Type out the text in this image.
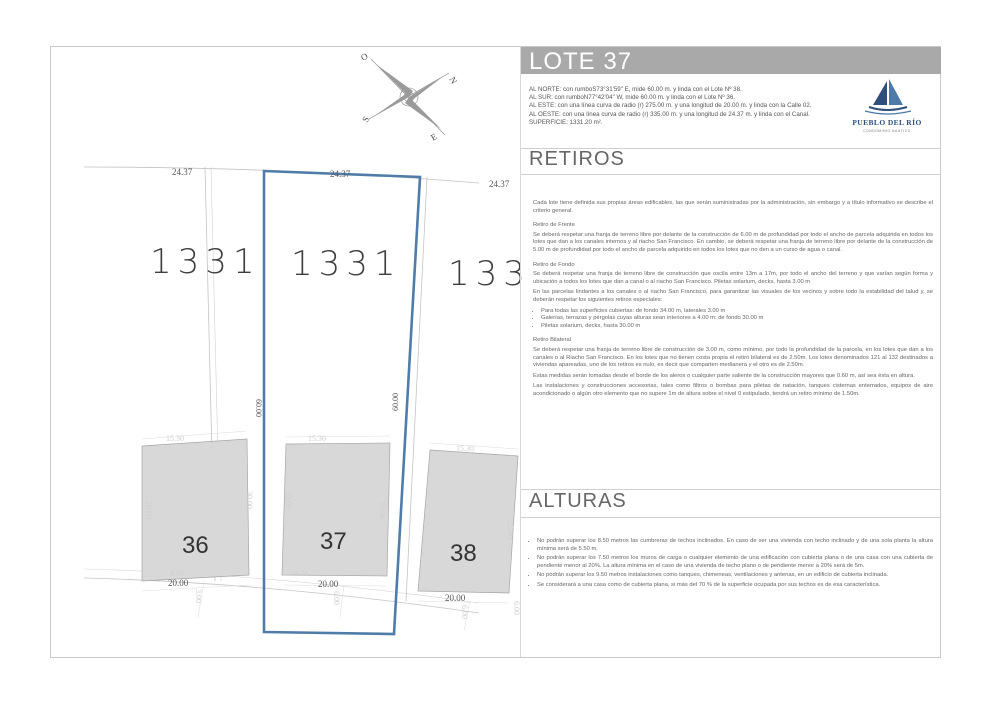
O
N
S
E
24.37	24.37
24.37
1331 1331 133
60.00	60.00
15.30	15.30
15.30
30.00	30.00
20.00	20.00
25.00
4.65	4.74
3.00	6.00
6.00	6.00
36	37	38
20.00	20.00
20.00
LOTE 37
AL NORTE: con rumboS73°31'59" E, mide 60.00 m. y linda con el Lote Nº 38.
AL SUR: con rumboN77°42'04" W, mide 60.00 m. y linda con el Lote Nº 36.
AL ESTE: con una línea curva de radio (r) 275.00 m. y una longitud de 20.00 m. y linda con la Calle 02.
AL OESTE: con una línea curva de radio (r) 335.00 m. y una longitud de 24.37 m. y linda con el Canal.
SUPERFICIE: 1331.20 m².	PUEBLO DEL RÍO
CONDOMINIO NAUTICO
RETIROS

Cada lote tiene definida sus propias áreas edificables, las que serán suministradas por la administración, sin embargo y a título informativo se describe el criterio general.

Retiro de Frente

Se deberá respetar una franja de terreno libre por delante de la construcción de 6.00 m de profundidad por todo el ancho de parcela adquirida en todos los lotes que dan a los canales internos y al riacho San Francisco. En cambio, se deberá respetar una franja de terreno libre por delante de la construcción de 5.00 m de profundidad por todo el ancho de parcela adquirido en todos los lotes que no den a un curso de agua o canal.

Retiro de Fondo

Se deberá respetar una franja de terreno libre de construcción que oscila entre 13m a 17m, por todo el ancho del terreno y que varían según forma y ubicación a todos los lotes que dan a canal o al riacho San Francisco. Piletas solarium, decks, hasta 3.00 m

En las parcelas lindantes a los canales o al riacho San Francisco, para garantizar las visuales de los vecinos y sobre todo la estabilidad del talud y, se deberán respetar los siguientes retiros especiales:

• Para todas las superficies cubiertas: de fondo 34.00 m, laterales 3.00 m
• Galerías, terrazas y pérgolas cuyas alturas sean interiores a 4.00 m: de fondo 30.00 m
• Piletas solarium, decks, hasta 30.00 m

Retiro Bilateral

Se deberá respetar una franja de terreno libre de construcción de 3.00 m, como mínimo, por todo la profundidad de la parcela, en los lotes que dan a los canales o al Riacho San Francisco. En los lotes que no tienen costa propia el retiro bilateral es de 2.50m. Los lotes denominados 121 al 132 destinados a viviendas apareadas, uno de los retiros es nulo, es decir que comparten medianera y el otro es de 2.50m.

Estas medidas serán tomadas desde el borde de los aleros o cualquier parte saliente de la construcción mayores que 0.60 m, así sea ésta en altura.

Las instalaciones y construcciones accesorias, tales como filtros o bombas para piletas de natación, tanques cisternas enterrados, equipos de aire acondicionado o algún otro elemento que no supere 1m de altura sobre el nivel 0 estipulado, tendrá un retiro mínimo de 1.50m.

ALTURAS
• No podrán superar los 8.50 metros las cumbreras de techos inclinados. En caso de ser una vivienda con techo inclinado y de una sola planta la altura mínima será de 5.50 m.
• No podrán superar los 7.50 metros los muros de carga o cualquier elemento de una edificación con cubierta plana o de una casa con una cubierta de pendiente menor al 20%. La altura mínima en el caso de una vivienda de techo plano o de pendiente menor a 20% será de 5m.
• No podrán superar los 9.50 metros instalaciones como tanques, chimeneas, ventilaciones y antenas, en un edificio de cubierta inclinada.
• Se considerará a una casa como de cubierta plana, si más del 70 % de la superficie ocupada por sus techos es de esa característica.
